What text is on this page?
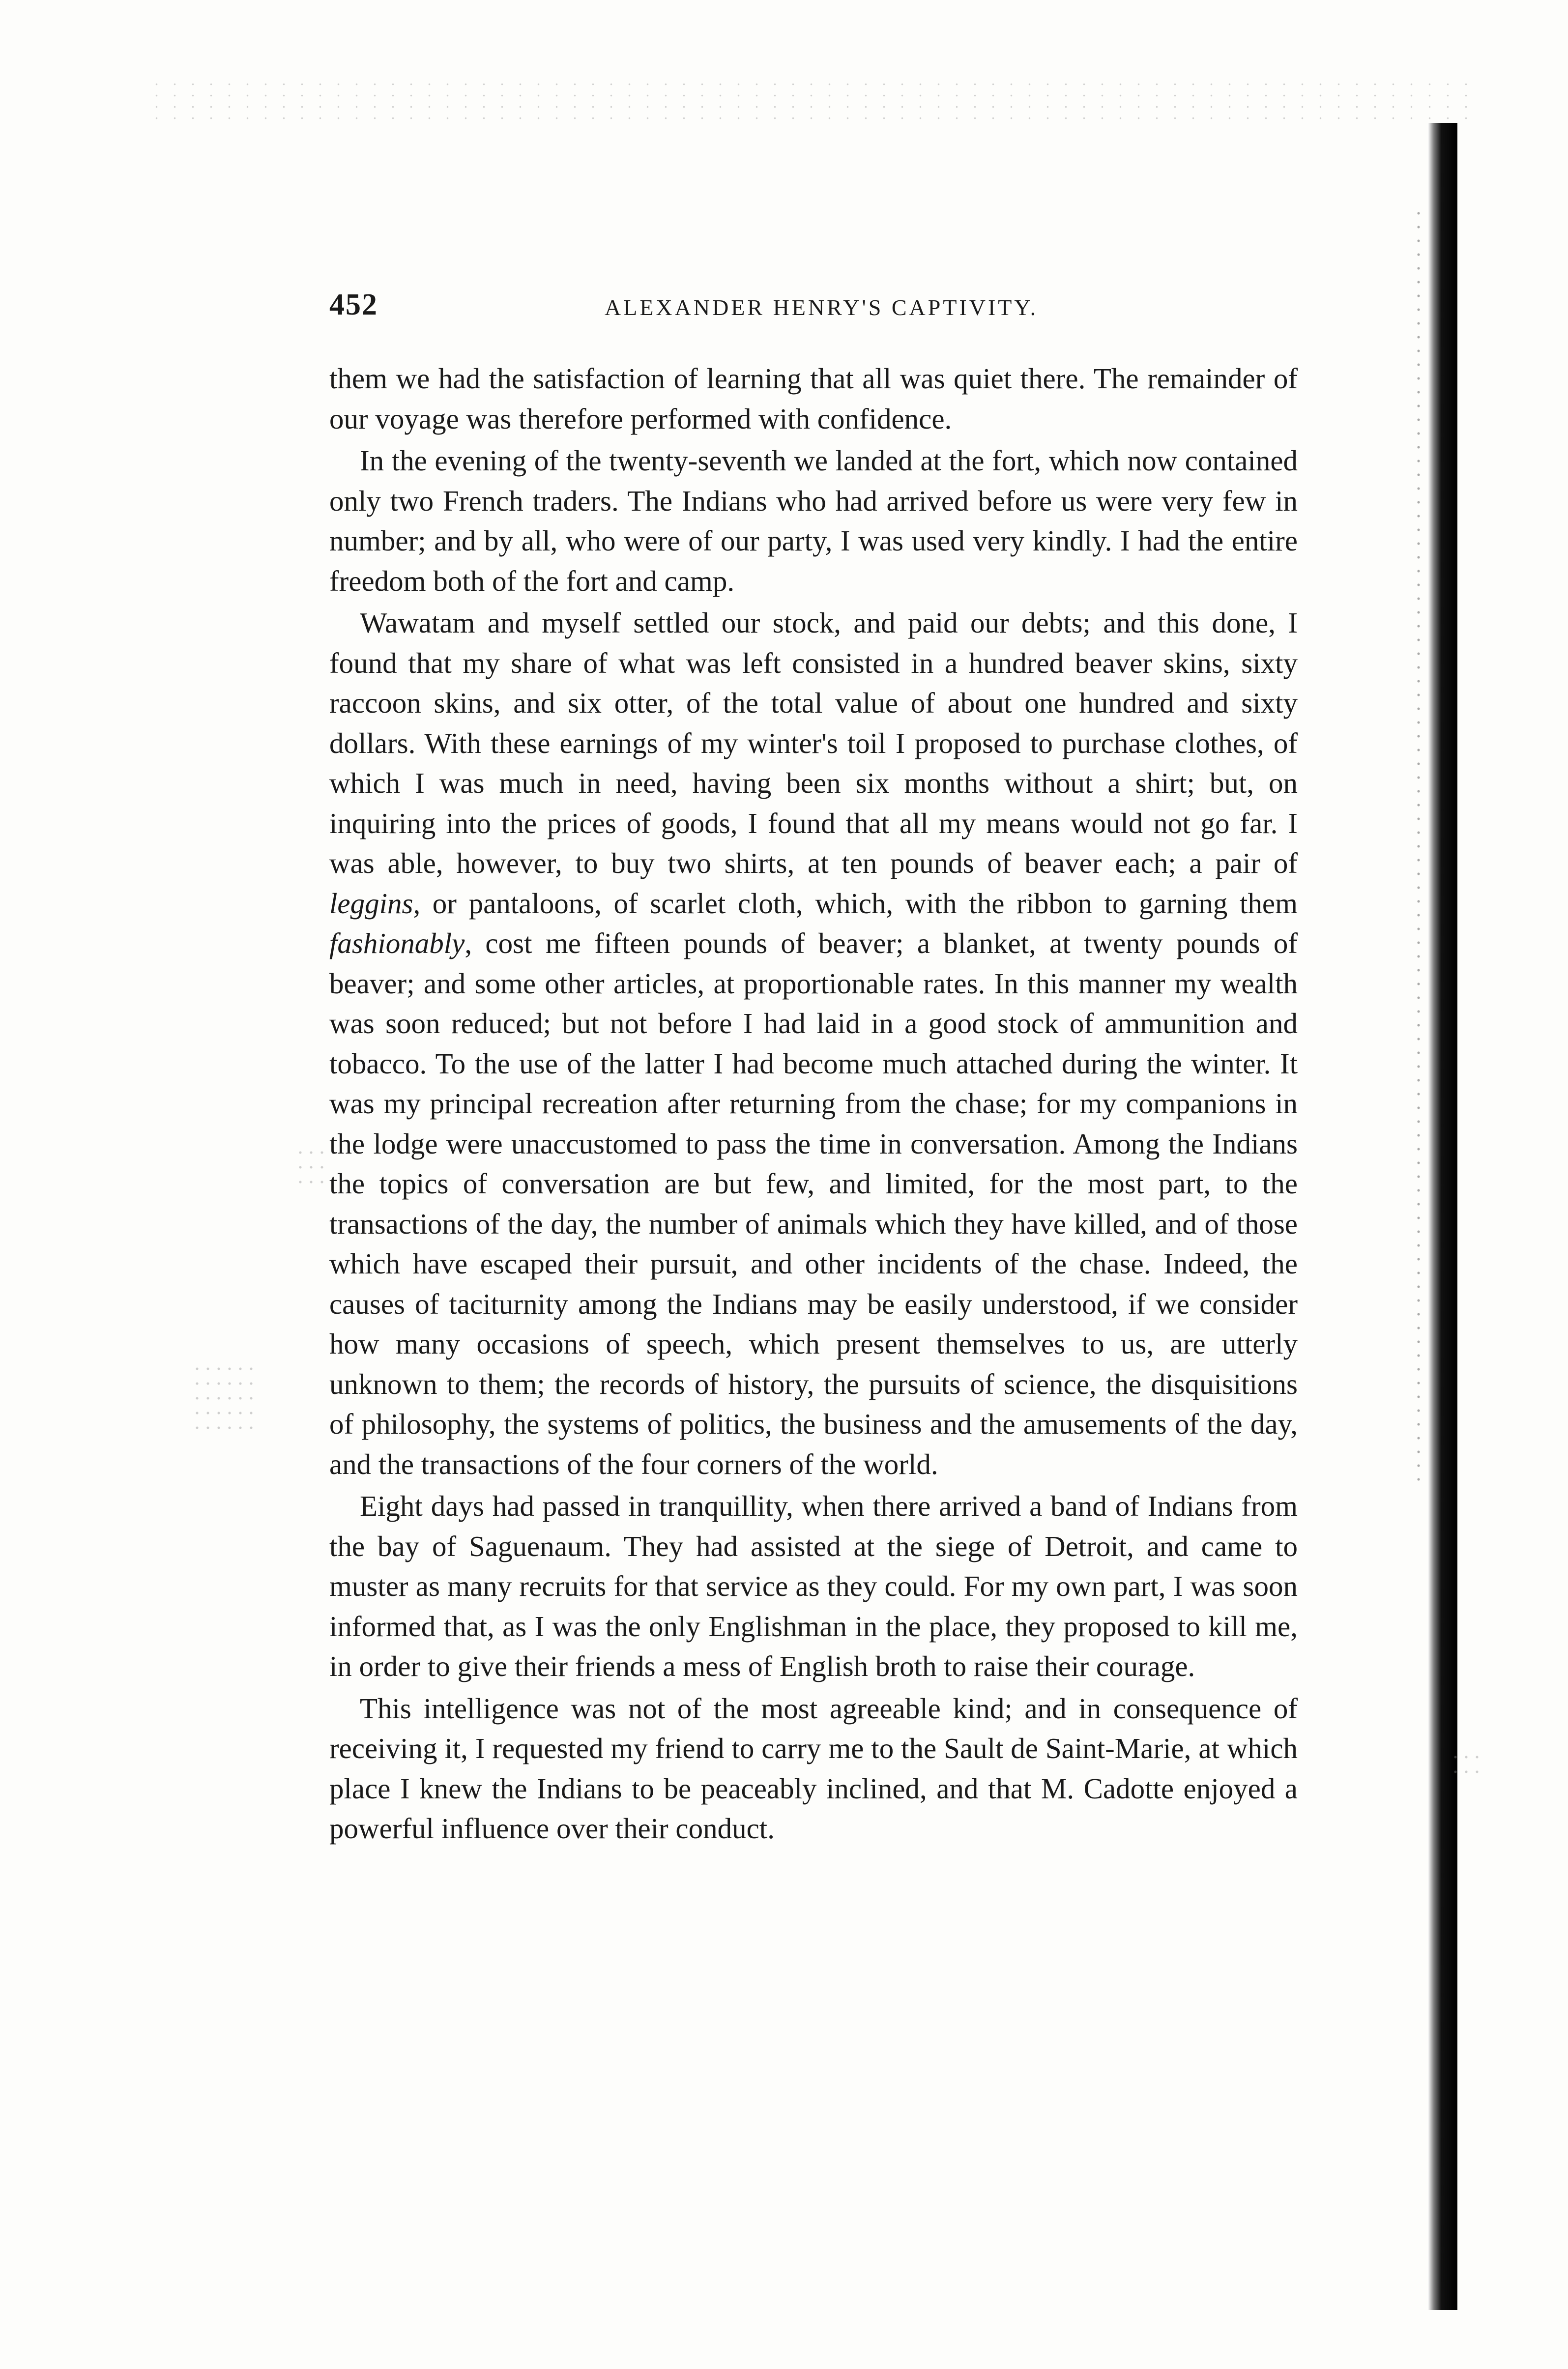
452	ALEXANDER HENRY'S CAPTIVITY.

them we had the satisfaction of learning that all was quiet there. The remainder of our voyage was therefore performed with confidence.

In the evening of the twenty-seventh we landed at the fort, which now contained only two French traders. The Indians who had arrived before us were very few in number; and by all, who were of our party, I was used very kindly. I had the entire freedom both of the fort and camp.

Wawatam and myself settled our stock, and paid our debts; and this done, I found that my share of what was left consisted in a hundred beaver skins, sixty raccoon skins, and six otter, of the total value of about one hundred and sixty dollars. With these earnings of my winter's toil I proposed to purchase clothes, of which I was much in need, having been six months without a shirt; but, on inquiring into the prices of goods, I found that all my means would not go far. I was able, however, to buy two shirts, at ten pounds of beaver each; a pair of leggins, or pantaloons, of scarlet cloth, which, with the ribbon to garning them fashionably, cost me fifteen pounds of beaver; a blanket, at twenty pounds of beaver; and some other articles, at proportionable rates. In this manner my wealth was soon reduced; but not before I had laid in a good stock of ammunition and tobacco. To the use of the latter I had become much attached during the winter. It was my principal recreation after returning from the chase; for my companions in the lodge were unaccustomed to pass the time in conversation. Among the Indians the topics of conversation are but few, and limited, for the most part, to the transactions of the day, the number of animals which they have killed, and of those which have escaped their pursuit, and other incidents of the chase. Indeed, the causes of taciturnity among the Indians may be easily understood, if we consider how many occasions of speech, which present themselves to us, are utterly unknown to them; the records of history, the pursuits of science, the disquisitions of philosophy, the systems of politics, the business and the amusements of the day, and the transactions of the four corners of the world.

Eight days had passed in tranquillity, when there arrived a band of Indians from the bay of Saguenaum. They had assisted at the siege of Detroit, and came to muster as many recruits for that service as they could. For my own part, I was soon informed that, as I was the only Englishman in the place, they proposed to kill me, in order to give their friends a mess of English broth to raise their courage.

This intelligence was not of the most agreeable kind; and in consequence of receiving it, I requested my friend to carry me to the Sault de Saint-Marie, at which place I knew the Indians to be peaceably inclined, and that M. Cadotte enjoyed a powerful influence over their conduct.
